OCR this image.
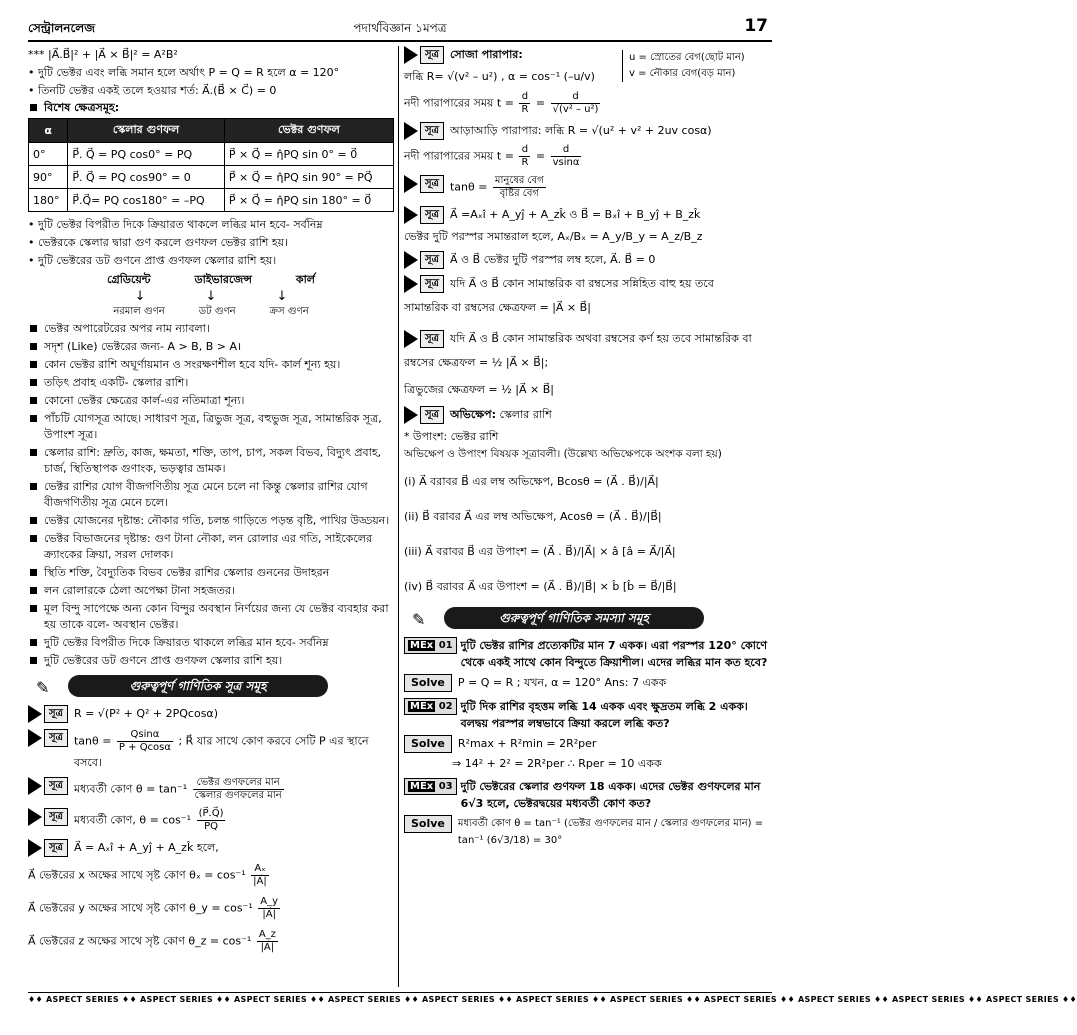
সেন্ট্রালনলেজ	পদার্থবিজ্ঞান ১মপত্র	17
*** |A⃗.B⃗|² + |A⃗ × B⃗|² = A²B²
• দুটি ভেক্টর এবং লব্ধি সমান হলে অর্থাৎ P = Q = R হলে α = 120°
• তিনটি ভেক্টর একই তলে হওয়ার শর্ত: A⃗.(B⃗ × C⃗) = 0
বিশেষ ক্ষেত্রসমূহ:
α	স্কেলার গুণফল	ভেক্টর গুণফল
0°	P⃗. Q⃗ = PQ cos0° = PQ	P⃗ × Q⃗ = η̂PQ sin 0° = 0⃗
90°	P⃗. Q⃗ = PQ cos90° = 0	P⃗ × Q⃗ = η̂PQ sin 90° = PQ⃗
180°	P⃗.Q⃗= PQ cos180° = –PQ	P⃗ × Q⃗ = η̂PQ sin 180° = 0⃗
• দুটি ভেক্টর বিপরীত দিকে ক্রিয়ারত থাকলে লব্ধির মান হবে- সর্বনিম্ন
• ভেক্টরকে স্কেলার দ্বারা গুণ করলে গুণফল ভেক্টর রাশি হয়।
• দুটি ভেক্টরের ডট গুণনে প্রাপ্ত গুণফল স্কেলার রাশি হয়।
গ্রেডিয়েন্ট	ডাইভারজেন্স	কার্ল
↓	↓	↓
নরমাল গুণন	ডট গুণন	ক্রস গুণন
ভেক্টর অপারেটরের অপর নাম ন্যাবলা।
সদৃশ (Like) ভেক্টরের জন্য- A > B, B > A।
কোন ভেক্টর রাশি অঘূর্ণায়মান ও সংরক্ষণশীল হবে যদি- কার্ল শূন্য হয়।
তড়িৎ প্রবাহ একটি- স্কেলার রাশি।
কোনো ভেক্টর ক্ষেত্রের কার্ল-এর নতিমাত্রা শূন্য।
পাঁচটি যোগসূত্র আছে। সাধারণ সূত্র, ত্রিভুজ সূত্র, বহুভুজ সূত্র, সামান্তরিক সূত্র, উপাংশ সূত্র।
স্কেলার রাশি: দ্রুতি, কাজ, ক্ষমতা, শক্তি, তাপ, চাপ, সকল বিভব, বিদ্যুৎ প্রবাহ, চার্জ, স্থিতিস্থাপক গুণাংক, ভড়ত্বার ভ্রামক।
ভেক্টর রাশির যোগ বীজগণিতীয় সূত্র মেনে চলে না কিন্তু স্কেলার রাশির যোগ বীজগণিতীয় সূত্র মেনে চলে।
ভেক্টর যোজনের দৃষ্টান্ত: নৌকার গতি, চলন্ত গাড়িতে পড়ন্ত বৃষ্টি, পাখির উড্ডয়ন।
ভেক্টর বিভাজনের দৃষ্টান্ত: গুণ টানা নৌকা, লন রোলার এর গতি, সাইকেলের ক্র্যাংকের ক্রিয়া, সরল দোলক।
স্থিতি শক্তি, বৈদ্যুতিক বিভব ভেক্টর রাশির স্কেলার গুননের উদাহরন
লন রোলারকে ঠেলা অপেক্ষা টানা সহজতর।
মূল বিন্দু সাপেক্ষে অন্য কোন বিন্দুর অবস্থান নির্ণয়ের জন্য যে ভেক্টর ব্যবহার করা হয় তাকে বলে- অবস্থান ভেক্টর।
দুটি ভেক্টর বিপরীত দিকে ক্রিয়ারত থাকলে লব্ধির মান হবে- সর্বনিম্ন
দুটি ভেক্টরের ডট গুণনে প্রাপ্ত গুণফল স্কেলার রাশি হয়।
✎	গুরুত্বপূর্ণ গাণিতিক সূত্র সমূহ
সূত্র	R = √(P² + Q² + 2PQcosα)
সূত্র	$\tan\theta = \frac{Qsin\alpha}{P + Qcos\alpha}$ ; R⃗ যার সাথে কোণ করবে সেটি P এর স্থানে বসবে।
সূত্র	মধ্যবর্তী কোণ $\theta = \tan^{-1} \frac{\text{ভেক্টর গুণফলের মান}}{\text{স্কেলার গুণফলের মান}}$
সূত্র	মধ্যবর্তী কোণ, $\theta = \cos^{-1} \frac{(P⃗.Q⃗)}{PQ}$
সূত্র	A⃗ = Aₓî + A_yĵ + A_zk̂ হলে,
A⃗ ভেক্টরের x অক্ষের সাথে সৃষ্ট কোণ $\theta_x = \cos^{-1} \frac{\text{Aₓ}}{|A⃗|}$
A⃗ ভেক্টরের y অক্ষের সাথে সৃষ্ট কোণ θ_y = $\cos^{-1} \frac{A\_y}{|A⃗|}$
A⃗ ভেক্টরের z অক্ষের সাথে সৃষ্ট কোণ θ_z = $\cos^{-1} \frac{A\_z}{|A⃗|}$
সূত্র	সোজা পারাপার:
লব্ধি R= √(v² – u²) , α = cos⁻¹ (–u/v)
নদী পারাপারের সময় $t = \frac{d}{R} = \frac{d}{\text{√(v² – u²)}}$
u = স্রোতের বেগ(ছোট মান)
v = নৌকার বেগ(বড় মান)
সূত্র	আড়াআড়ি পারাপার: লব্ধি R = √(u² + v² + 2uv cosα)
নদী পারাপারের সময় $t = \frac{d}{R} = \frac{d}{vsin\alpha}$
সূত্র	$\tan\theta = \frac{\text{মানুষের বেগ}}{\text{বৃষ্টির বেগ}}$
সূত্র	A⃗ =Aₓî + A_yĵ + A_zk̂ ও B⃗ = Bₓî + B_yĵ + B_zk̂
ভেক্টর দুটি পরস্পর সমান্তরাল হলে, Aₓ/Bₓ = A_y/B_y = A_z/B_z
সূত্র	A⃗ ও B⃗ ভেক্টর দুটি পরস্পর লম্ব হলে, A⃗. B⃗ = 0
সূত্র	যদি A⃗ ও B⃗ কোন সামান্তরিক বা রম্বসের সন্নিহিত বাহু হয় তবে
সামান্তরিক বা রম্বসের ক্ষেত্রফল = |A⃗ × B⃗|
সূত্র	যদি A⃗ ও B⃗ কোন সামান্তরিক অথবা রম্বসের কর্ণ হয় তবে সামান্তরিক বা
রম্বসের ক্ষেত্রফল = ½ |A⃗ × B⃗|;
ত্রিভুজের ক্ষেত্রফল = ½ |A⃗ × B⃗|
সূত্র	অভিক্ষেপ: স্কেলার রাশি
* উপাংশ: ভেক্টর রাশি
অভিক্ষেপ ও উপাংশ বিষয়ক সূত্রাবলী। (উল্লেখ্য অভিক্ষেপকে অংশক বলা হয়)
(i) A⃗ বরাবর B⃗ এর লম্ব অভিক্ষেপ, Bcosθ = (A⃗ . B⃗)/|A⃗|
(ii) B⃗ বরাবর A⃗ এর লম্ব অভিক্ষেপ, Acosθ = (A⃗ . B⃗)/|B⃗|
(iii) A⃗ বরাবর B⃗ এর উপাংশ = (A⃗ . B⃗)/|A⃗| × â [â = A⃗/|A⃗|
(iv) B⃗ বরাবর A⃗ এর উপাংশ = (A⃗ . B⃗)/|B⃗| × b̂ [b̂ = B⃗/|B⃗|
✎	গুরুত্বপূর্ণ গাণিতিক সমস্যা সমূহ
MEx 01 দুটি ভেক্টর রাশির প্রত্যেকটির মান 7 একক। এরা পরস্পর 120° কোণে থেকে একই সাথে কোন বিন্দুতে ক্রিয়াশীল। এদের লব্ধির মান কত হবে?
Solve	P = Q = R ; যখন, α = 120° Ans: 7 একক
MEx 02 দুটি দিক রাশির বৃহত্তম লব্ধি 14 একক এবং ক্ষুদ্রতম লব্ধি 2 একক। বলদ্বয় পরস্পর লম্বভাবে ক্রিয়া করলে লব্ধি কত?
Solve	R²max + R²min = 2R²per
⇒ 14² + 2² = 2R²per ∴ Rper = 10 একক
MEx 03 দুটি ভেক্টরের স্কেলার গুণফল 18 একক। এদের ভেক্টর গুণফলের মান 6√3 হলে, ভেক্টরদ্বয়ের মধ্যবর্তী কোণ কত?
Solve	মধ্যবর্তী কোণ θ = tan⁻¹ (ভেক্টর গুণফলের মান / স্কেলার গুণফলের মান) = tan⁻¹ (6√3/18) = 30°
♦♦ ASPECT SERIES ♦♦ ASPECT SERIES ♦♦ ASPECT SERIES ♦♦ ASPECT SERIES ♦♦ ASPECT SERIES ♦♦ ASPECT SERIES ♦♦ ASPECT SERIES ♦♦ ASPECT SERIES ♦♦ ASPECT SERIES ♦♦ ASPECT SERIES ♦♦ ASPECT SERIES ♦♦
